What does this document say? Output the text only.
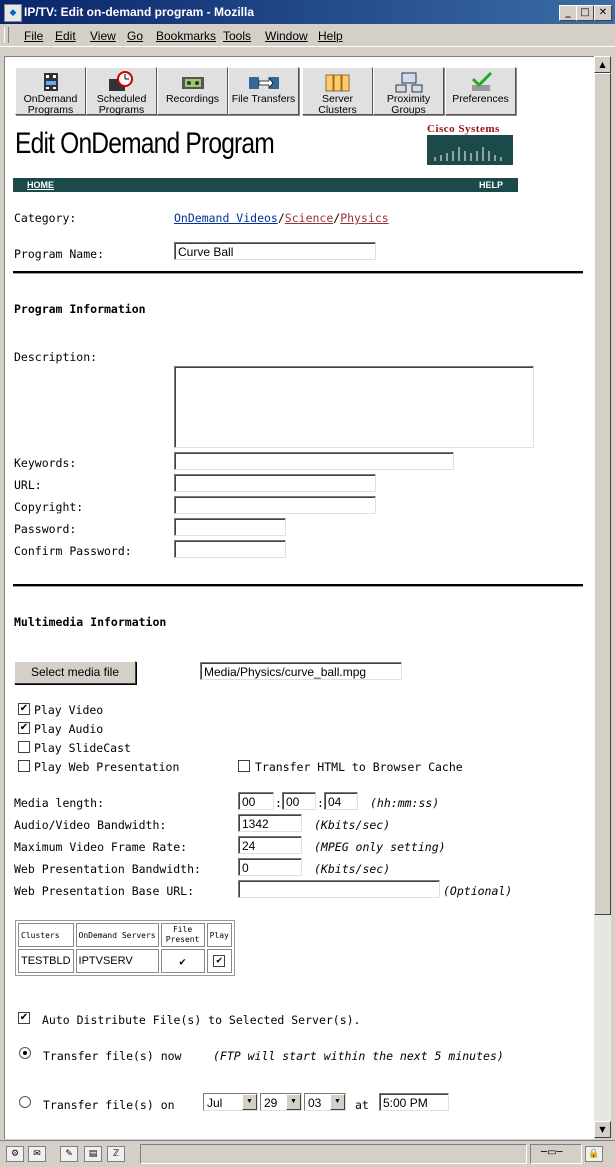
◆ IP/TV: Edit on-demand program - Mozilla	_ □ ✕
File Edit View Go Bookmarks Tools Window Help
OnDemand
Programs
Scheduled
Programs
Recordings	File Transfers	Server
Clusters
Proximity
Groups
Preferences
Edit OnDemand Program	Cisco Systems
HOME	HELP
Category:	OnDemand Videos/Science/Physics
Program Name:	Curve Ball
Program Information
Description:
Keywords:
URL:
Copyright:
Password:
Confirm Password:
Multimedia Information
Select media file	Media/Physics/curve_ball.mpg
✔ Play Video
✔ Play Audio
Play SlideCast
Play Web Presentation	Transfer HTML to Browser Cache
Media length:	00	: 00	: 04	(hh:mm:ss)
Audio/Video Bandwidth:	1342	(Kbits/sec)
Maximum Video Frame Rate:	24	(MPEG only setting)
Web Presentation Bandwidth:	0	(Kbits/sec)
Web Presentation Base URL:	(Optional)
Clusters	OnDemand Servers	File Present	Play
TESTBLD	IPTVSERV	✔	✔
✔ Auto Distribute File(s) to Selected Server(s).
Transfer file(s) now	(FTP will start within the next 5 minutes)
Transfer file(s) on	Jul	▼ 29	▼ 03	▼	at	5:00 PM
▲
▼
⚙	✉	✎	▤	ℤ	─▭─	🔒
